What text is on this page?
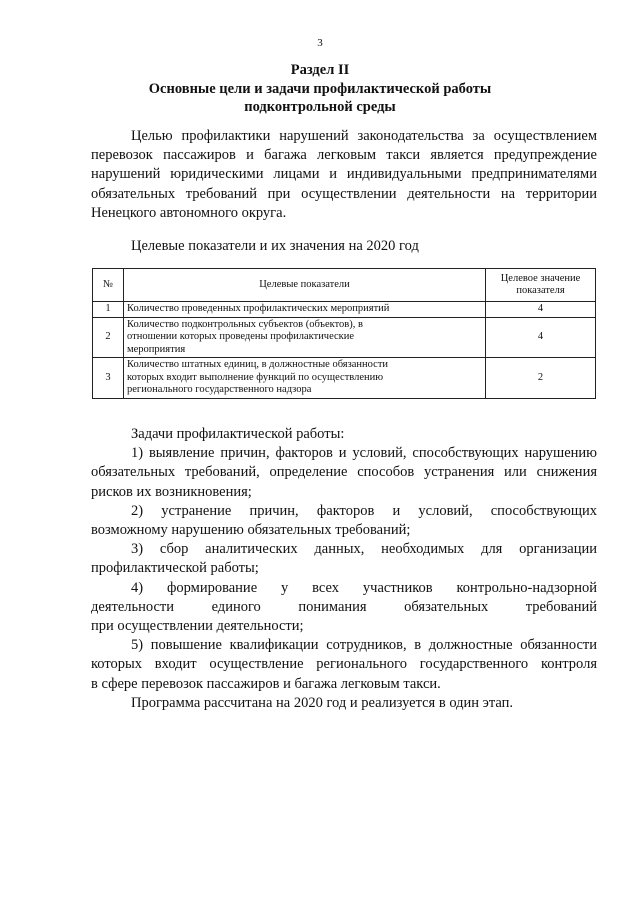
3
Раздел II
Основные цели и задачи профилактической работы
подконтрольной среды
Целью профилактики нарушений законодательства за осуществлением
перевозок пассажиров и багажа легковым такси является предупреждение
нарушений юридическими лицами и индивидуальными предпринимателями
обязательных требований при осуществлении деятельности на территории
Ненецкого автономного округа.
Целевые показатели и их значения на 2020 год
№	Целевые показатели	Целевое значение
показателя

1	Количество проведенных профилактических мероприятий	4
2	Количество подконтрольных субъектов (объектов), в
отношении которых проведены профилактические
мероприятия	4
3	Количество штатных единиц, в должностные обязанности
которых входит выполнение функций по осуществлению
регионального государственного надзора	2
Задачи профилактической работы:
1) выявление причин, факторов и условий, способствующих нарушению
обязательных требований, определение способов устранения или снижения
рисков их возникновения;
2) устранение причин, факторов и условий, способствующих
возможному нарушению обязательных требований;
3) сбор аналитических данных, необходимых для организации
профилактической работы;
4) формирование у всех участников контрольно-надзорной
деятельности единого понимания обязательных требований
при осуществлении деятельности;
5) повышение квалификации сотрудников, в должностные обязанности
которых входит осуществление регионального государственного контроля
в сфере перевозок пассажиров и багажа легковым такси.
Программа рассчитана на 2020 год и реализуется в один этап.
